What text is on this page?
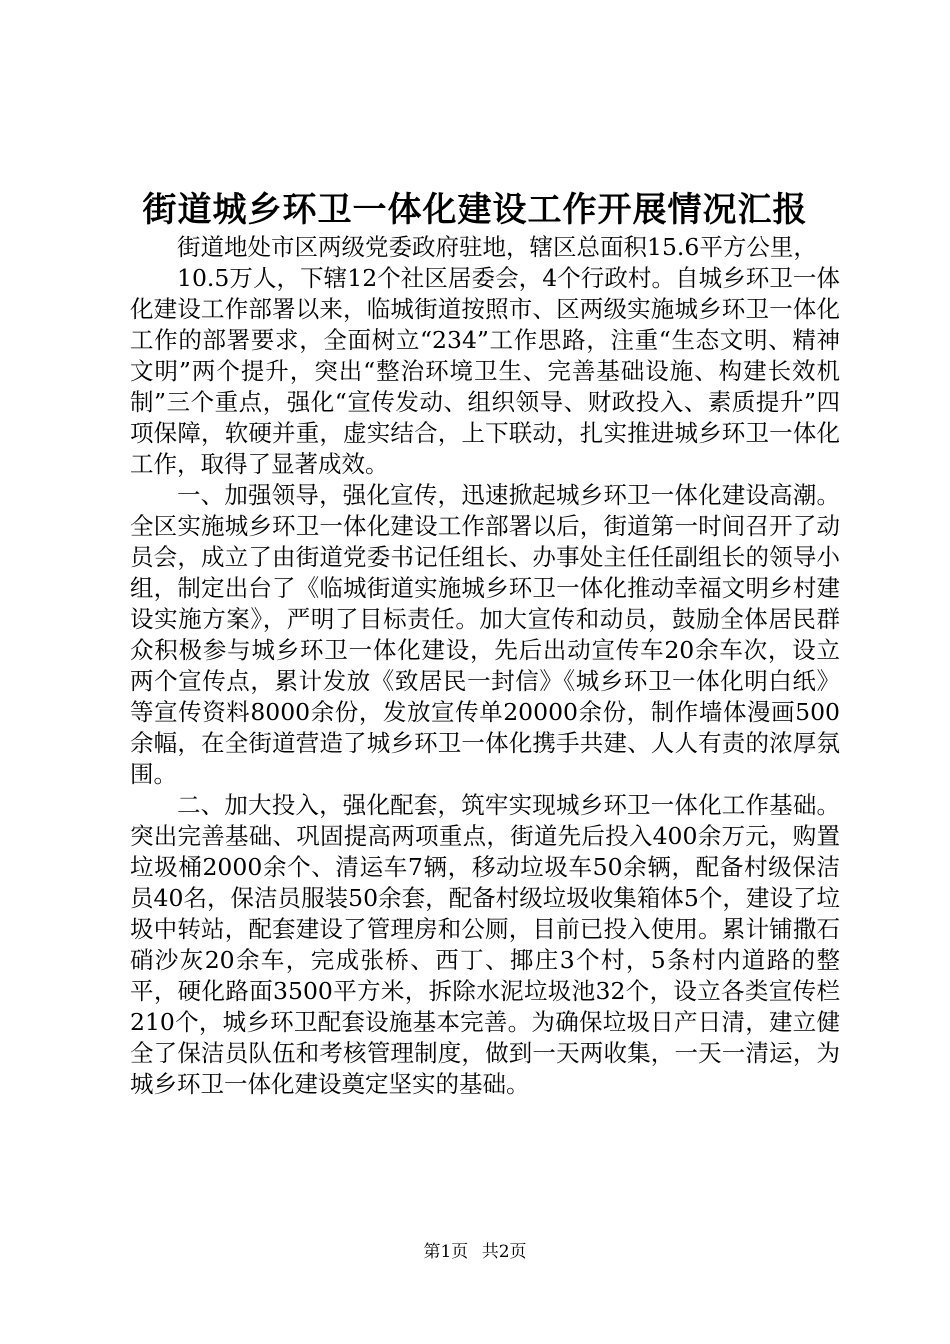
街道城乡环卫一体化建设工作开展情况汇报

街道地处市区两级党委政府驻地，辖区总面积15.6平方公里，

10.5万人，下辖12个社区居委会，4个行政村。自城乡环卫一体化建设工作部署以来，临城街道按照市、区两级实施城乡环卫一体化工作的部署要求，全面树立“234”工作思路，注重“生态文明、精神文明”两个提升，突出“整治环境卫生、完善基础设施、构建长效机制”三个重点，强化“宣传发动、组织领导、财政投入、素质提升”四项保障，软硬并重，虚实结合，上下联动，扎实推进城乡环卫一体化工作，取得了显著成效。

一、加强领导，强化宣传，迅速掀起城乡环卫一体化建设高潮。全区实施城乡环卫一体化建设工作部署以后，街道第一时间召开了动员会，成立了由街道党委书记任组长、办事处主任任副组长的领导小组，制定出台了《临城街道实施城乡环卫一体化推动幸福文明乡村建设实施方案》，严明了目标责任。加大宣传和动员，鼓励全体居民群众积极参与城乡环卫一体化建设，先后出动宣传车20余车次，设立两个宣传点，累计发放《致居民一封信》《城乡环卫一体化明白纸》等宣传资料8000余份，发放宣传单20000余份，制作墙体漫画500余幅，在全街道营造了城乡环卫一体化携手共建、人人有责的浓厚氛围。

二、加大投入，强化配套，筑牢实现城乡环卫一体化工作基础。突出完善基础、巩固提高两项重点，街道先后投入400余万元，购置垃圾桶2000余个、清运车7辆，移动垃圾车50余辆，配备村级保洁员40名，保洁员服装50余套，配备村级垃圾收集箱体5个，建设了垃圾中转站，配套建设了管理房和公厕，目前已投入使用。累计铺撒石硝沙灰20余车，完成张桥、西丁、揶庄3个村，5条村内道路的整平，硬化路面3500平方米，拆除水泥垃圾池32个，设立各类宣传栏210个，城乡环卫配套设施基本完善。为确保垃圾日产日清，建立健全了保洁员队伍和考核管理制度，做到一天两收集，一天一清运，为城乡环卫一体化建设奠定坚实的基础。

第1页 共2页
